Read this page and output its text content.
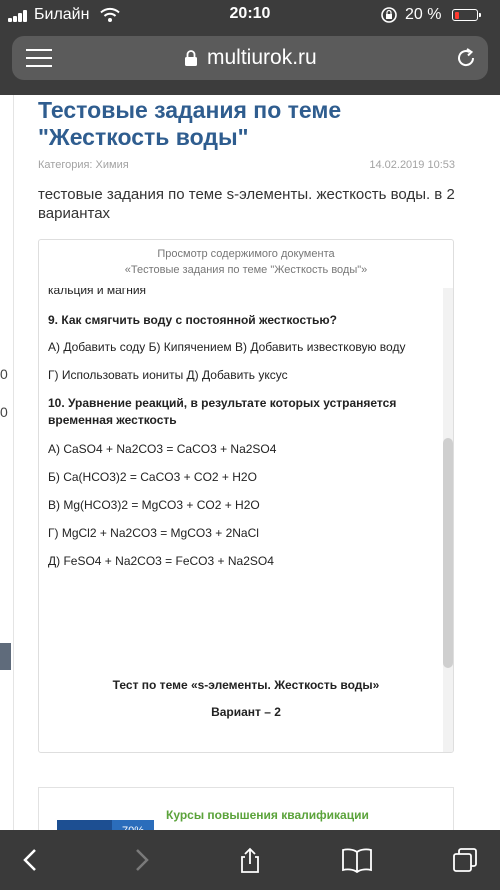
Билайн	20:10	20 %
multiurok.ru
0
0
Тестовые задания по теме "Жесткость воды"
Категория: Химия	14.02.2019 10:53
тестовые задания по теме s-элементы. жесткость воды. в 2 вариантах
Просмотр содержимого документа
«Тестовые задания по теме "Жесткость воды"»
кальция и магния
9. Как смягчить воду с постоянной жесткостью?
А) Добавить соду Б) Кипячением В) Добавить известковую воду
Г) Использовать иониты Д) Добавить уксус
10. Уравнение реакций, в результате которых устраняется временная жесткость
А) CaSO4 + Na2CO3 = CaCO3 + Na2SO4
Б) Ca(HCO3)2 = CaCO3 + CO2 + H2O
В) Mg(HCO3)2 = MgCO3 + CO2 + H2O
Г) MgCl2 + Na2CO3 = MgCO3 + 2NaCl
Д) FeSO4 + Na2CO3 = FeCO3 + Na2SO4
Тест по теме «s-элементы. Жесткость воды»
Вариант – 2
Курсы повышения квалификации
